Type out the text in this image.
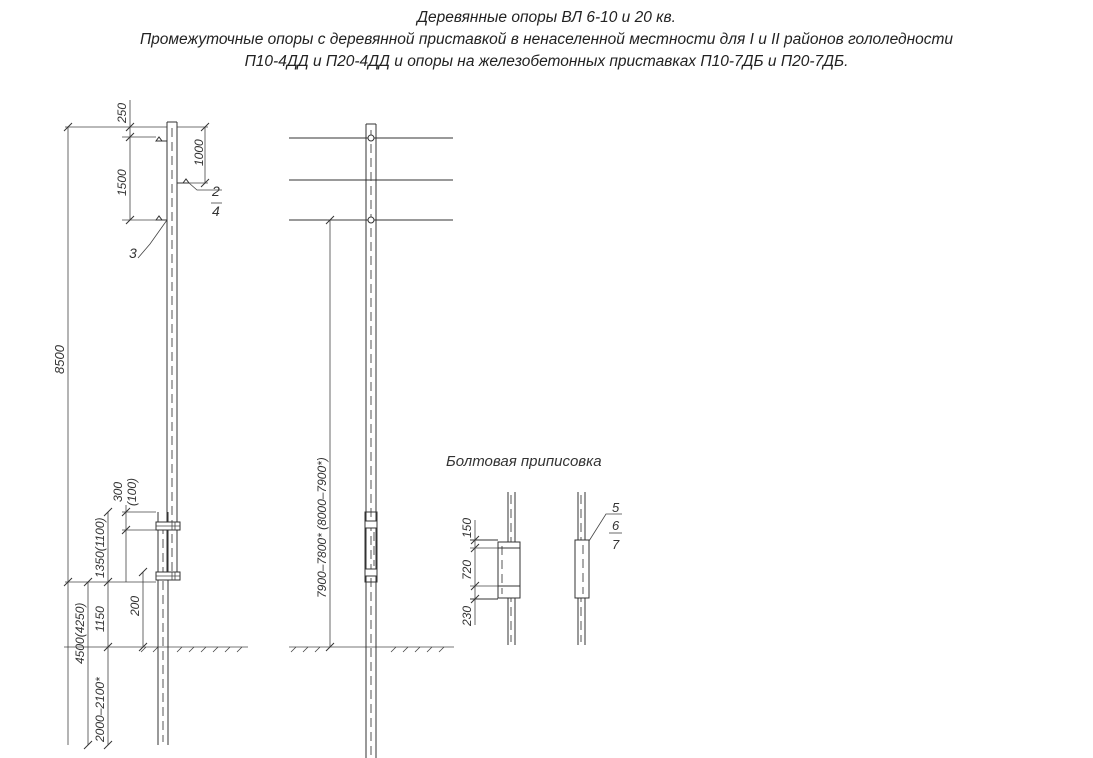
Деревянные опоры ВЛ 6-10 и 20 кв.
Промежуточные опоры с деревянной приставкой в ненаселенной местности для I и II районов гололедности
П10-4ДД и П20-4ДД и опоры на железобетонных приставках П10-7ДБ и П20-7ДБ.
250
1500
1000
8500
300 (100)
1350(1100)
200
1150
4500(4250)
2000–2100*
2
4
3
7900–7800* (8000–7900*)	Болтовая приписовка
150
720
230
5
6
7
